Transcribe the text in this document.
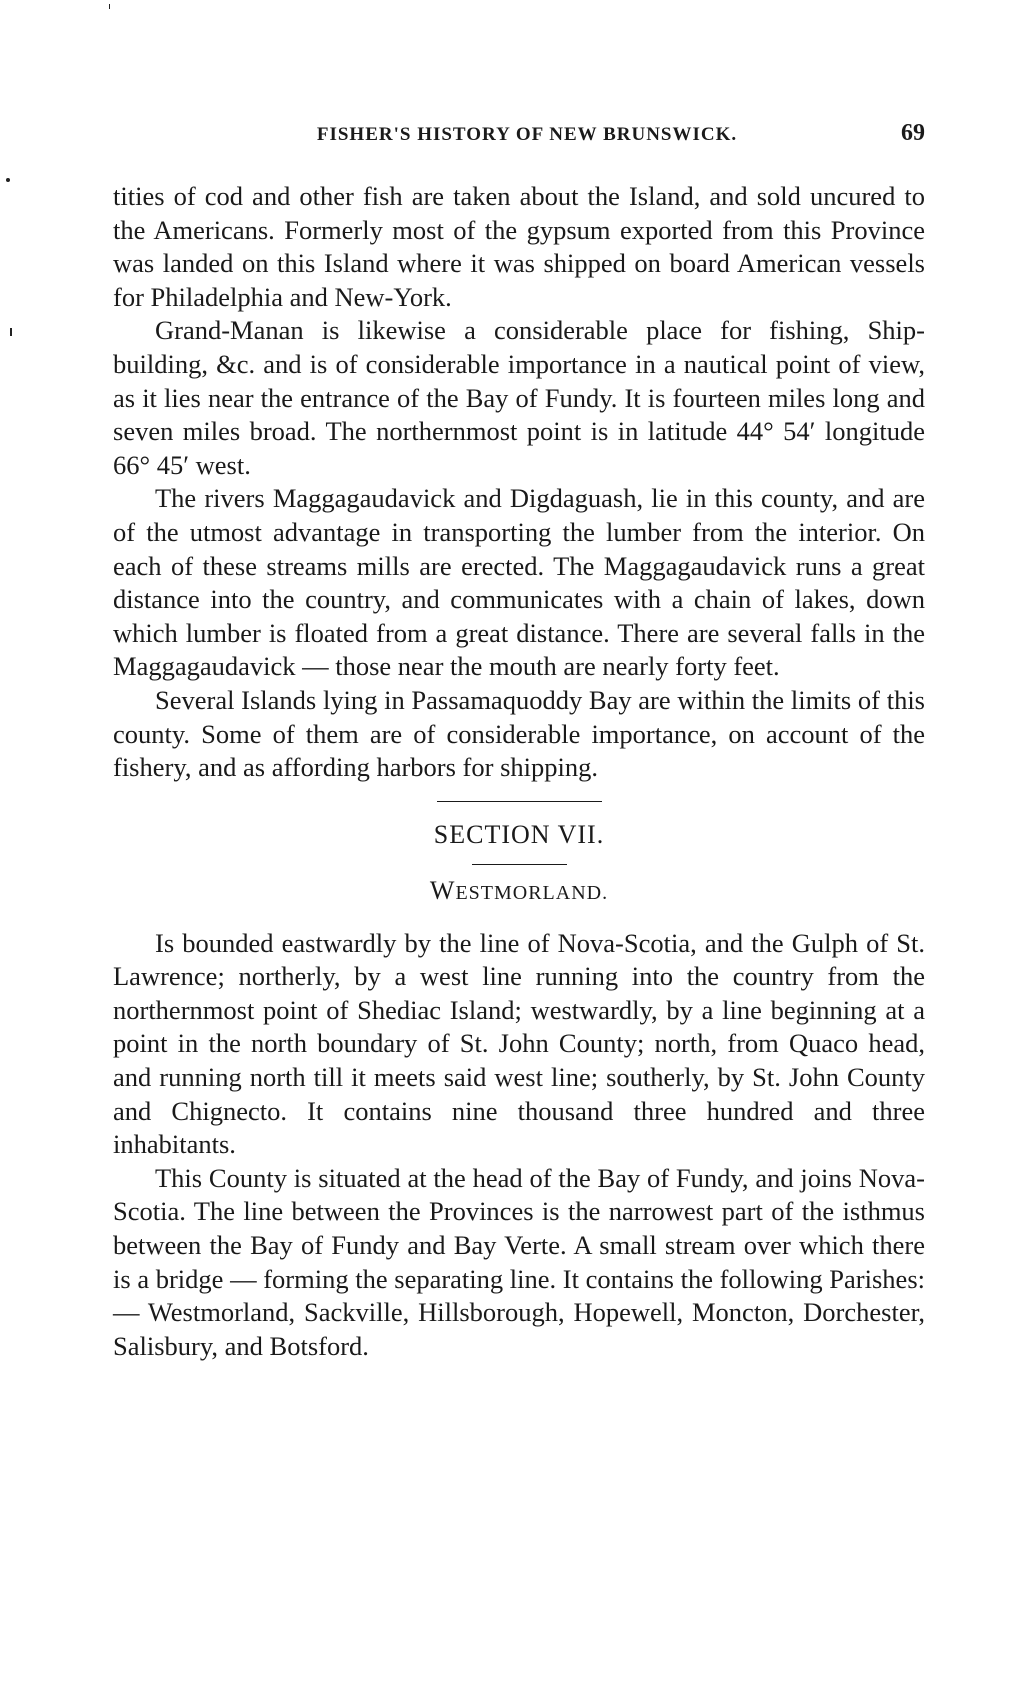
FISHER'S HISTORY OF NEW BRUNSWICK.	69

tities of cod and other fish are taken about the Island, and sold uncured to the Americans. Formerly most of the gypsum exported from this Province was landed on this Island where it was shipped on board American vessels for Philadelphia and New-York.

Grand-Manan is likewise a considerable place for fishing, Ship-building, &c. and is of considerable importance in a nautical point of view, as it lies near the entrance of the Bay of Fundy. It is fourteen miles long and seven miles broad. The northernmost point is in latitude 44° 54′ longitude 66° 45′ west.

The rivers Maggagaudavick and Digdaguash, lie in this county, and are of the utmost advantage in transporting the lumber from the interior. On each of these streams mills are erected. The Maggagaudavick runs a great distance into the country, and communicates with a chain of lakes, down which lumber is floated from a great distance. There are several falls in the Maggagaudavick — those near the mouth are nearly forty feet.

Several Islands lying in Passamaquoddy Bay are within the limits of this county. Some of them are of considerable importance, on account of the fishery, and as affording harbors for shipping.

SECTION VII.
WESTMORLAND.

Is bounded eastwardly by the line of Nova-Scotia, and the Gulph of St. Lawrence; northerly, by a west line running into the country from the northernmost point of Shediac Island; westwardly, by a line beginning at a point in the north boundary of St. John County; north, from Quaco head, and running north till it meets said west line; southerly, by St. John County and Chignecto. It contains nine thousand three hundred and three inhabitants.

This County is situated at the head of the Bay of Fundy, and joins Nova-Scotia. The line between the Provinces is the narrowest part of the isthmus between the Bay of Fundy and Bay Verte. A small stream over which there is a bridge — forming the separating line. It contains the following Parishes: — Westmorland, Sackville, Hillsborough, Hopewell, Moncton, Dorchester, Salisbury, and Botsford.
